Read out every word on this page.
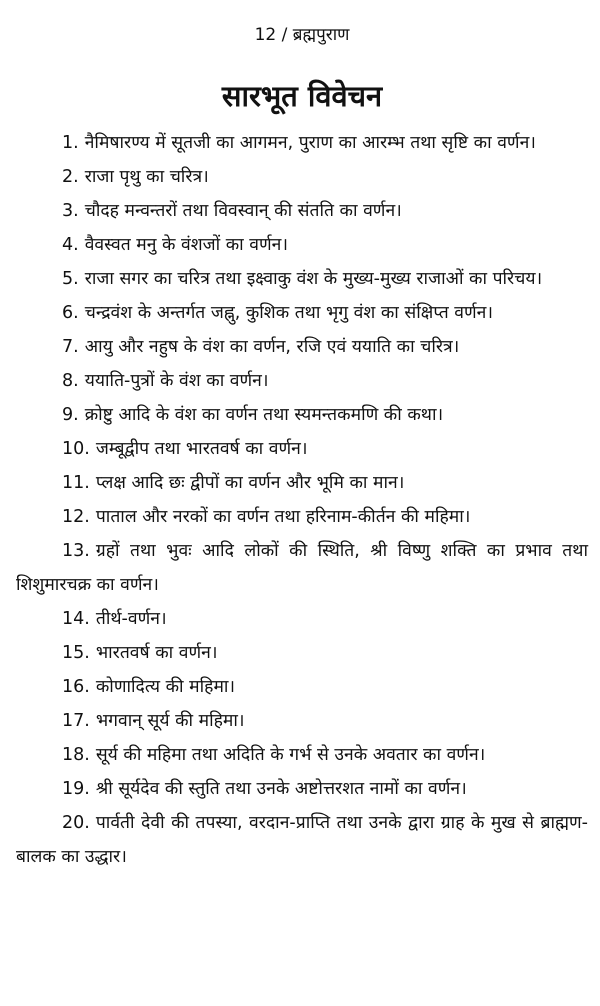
12 / ब्रह्मपुराण
सारभूत विवेचन

1. नैमिषारण्य में सूतजी का आगमन, पुराण का आरम्भ तथा सृष्टि का वर्णन।

2. राजा पृथु का चरित्र।

3. चौदह मन्वन्तरों तथा विवस्वान् की संतति का वर्णन।

4. वैवस्वत मनु के वंशजों का वर्णन।

5. राजा सगर का चरित्र तथा इक्ष्वाकु वंश के मुख्य-मुख्य राजाओं का परिचय।

6. चन्द्रवंश के अन्तर्गत जह्नु, कुशिक तथा भृगु वंश का संक्षिप्त वर्णन।

7. आयु और नहुष के वंश का वर्णन, रजि एवं ययाति का चरित्र।

8. ययाति-पुत्रों के वंश का वर्णन।

9. क्रोष्टु आदि के वंश का वर्णन तथा स्यमन्तकमणि की कथा।

10. जम्बूद्वीप तथा भारतवर्ष का वर्णन।

11. प्लक्ष आदि छः द्वीपों का वर्णन और भूमि का मान।

12. पाताल और नरकों का वर्णन तथा हरिनाम-कीर्तन की महिमा।

13. ग्रहों तथा भुवः आदि लोकों की स्थिति, श्री विष्णु शक्ति का प्रभाव तथा शिशुमारचक्र का वर्णन।

14. तीर्थ-वर्णन।

15. भारतवर्ष का वर्णन।

16. कोणादित्य की महिमा।

17. भगवान् सूर्य की महिमा।

18. सूर्य की महिमा तथा अदिति के गर्भ से उनके अवतार का वर्णन।

19. श्री सूर्यदेव की स्तुति तथा उनके अष्टोत्तरशत नामों का वर्णन।

20. पार्वती देवी की तपस्या, वरदान-प्राप्ति तथा उनके द्वारा ग्राह के मुख से ब्राह्मण-बालक का उद्धार।
